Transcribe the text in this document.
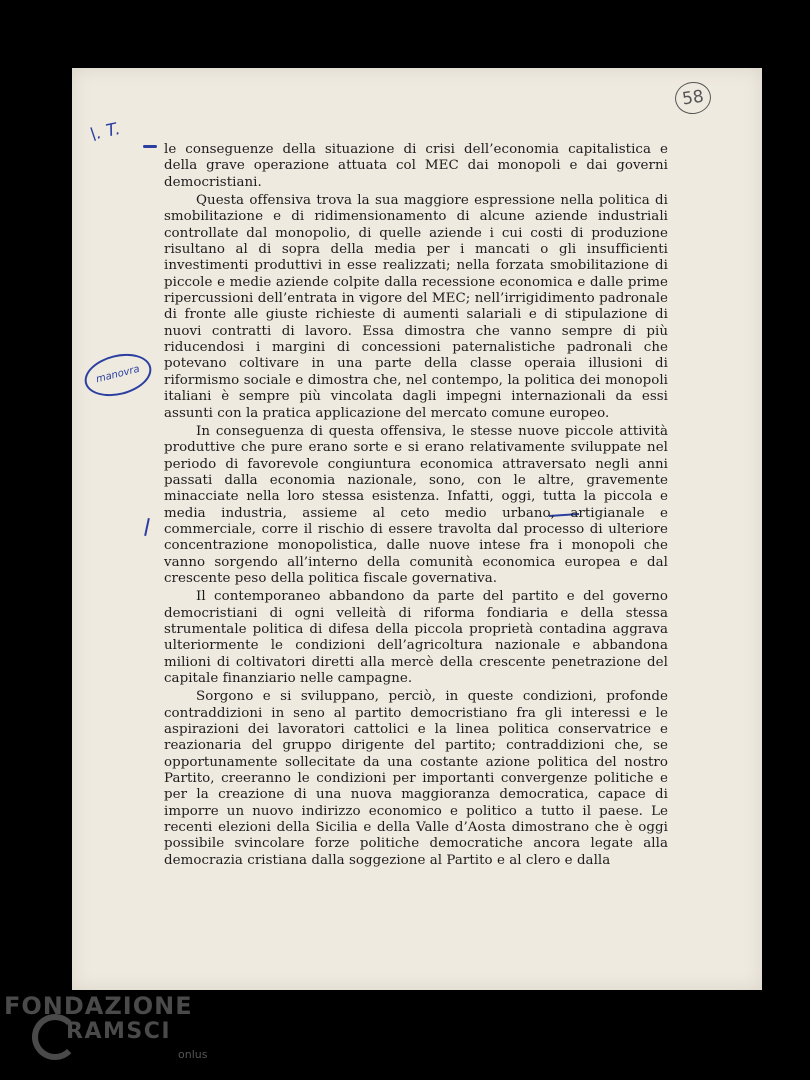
\. T.
58
manovra

le conseguenze della situazione di crisi dell’economia capitalistica e della grave operazione attuata col MEC dai monopoli e dai governi democristiani.

Questa offensiva trova la sua maggiore espressione nella politica di smobilitazione e di ridimensionamento di alcune aziende industriali controllate dal monopolio, di quelle aziende i cui costi di produzione risultano al di sopra della media per i mancati o gli insufficienti investimenti produttivi in esse realizzati; nella forzata smobilitazione di piccole e medie aziende colpite dalla recessione economica e dalle prime ripercussioni dell’entrata in vigore del MEC; nell’irrigidimento padronale di fronte alle giuste richieste di aumenti salariali e di stipulazione di nuovi contratti di lavoro. Essa dimostra che vanno sempre di più riducendosi i margini di concessioni paternalistiche padronali che potevano coltivare in una parte della classe operaia illusioni di riformismo sociale e dimostra che, nel contempo, la politica dei monopoli italiani è sempre più vincolata dagli impegni internazionali da essi assunti con la pratica applicazione del mercato comune europeo.

In conseguenza di questa offensiva, le stesse nuove piccole attività produttive che pure erano sorte e si erano relativamente sviluppate nel periodo di favorevole congiuntura economica attraversato negli anni passati dalla economia nazionale, sono, con le altre, gravemente minacciate nella loro stessa esistenza. Infatti, oggi, tutta la piccola e media industria, assieme al ceto medio urbano, artigianale e commerciale, corre il rischio di essere travolta dal processo di ulteriore concentrazione monopolistica, dalle nuove intese fra i monopoli che vanno sorgendo all’interno della comunità economica europea e dal crescente peso della politica fiscale governativa.

Il contemporaneo abbandono da parte del partito e del governo democristiani di ogni velleità di riforma fondiaria e della stessa strumentale politica di difesa della piccola proprietà contadina aggrava ulteriormente le condizioni dell’agricoltura nazionale e abbandona milioni di coltivatori diretti alla mercè della crescente penetrazione del capitale finanziario nelle campagne.

Sorgono e si sviluppano, perciò, in queste condizioni, profonde contraddizioni in seno al partito democristiano fra gli interessi e le aspirazioni dei lavoratori cattolici e la linea politica conservatrice e reazionaria del gruppo dirigente del partito; contraddizioni che, se opportunamente sollecitate da una costante azione politica del nostro Partito, creeranno le condizioni per importanti convergenze politiche e per la creazione di una nuova maggioranza democratica, capace di imporre un nuovo indirizzo economico e politico a tutto il paese. Le recenti elezioni della Sicilia e della Valle d’Aosta dimostrano che è oggi possibile svincolare forze politiche democratiche ancora legate alla democrazia cristiana dalla soggezione al Partito e al clero e dalla

FONDAZIONE
RAMSCI
onlus
